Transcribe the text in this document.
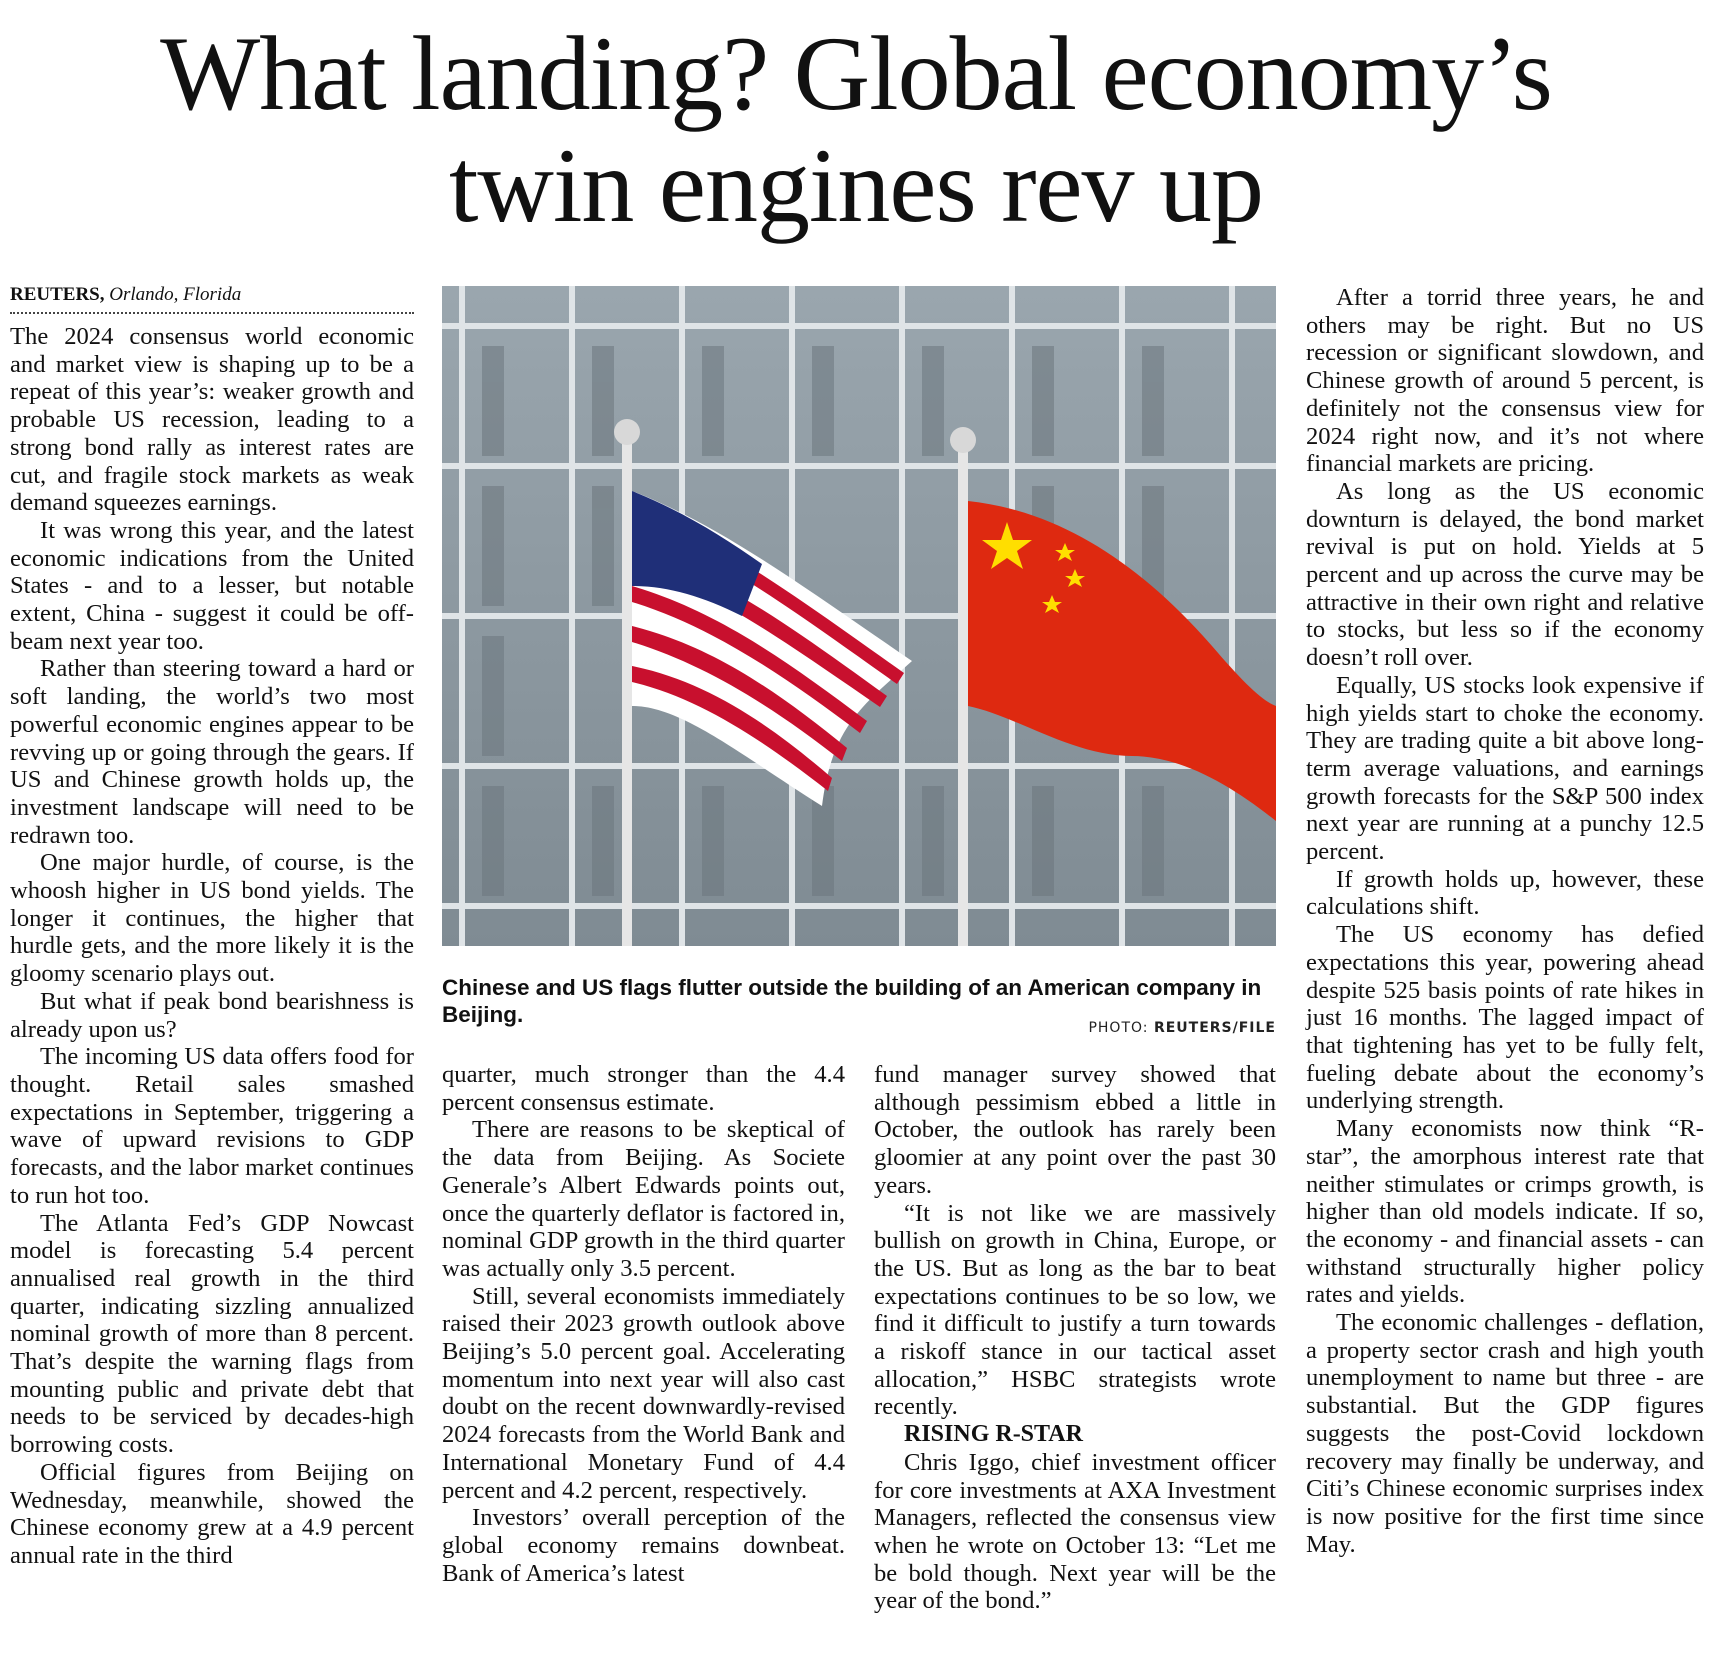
What landing? Global economy’s
twin engines rev up
REUTERS, Orlando, Florida

The 2024 consensus world economic and market view is shaping up to be a repeat of this year’s: weaker growth and probable US recession, leading to a strong bond rally as interest rates are cut, and fragile stock markets as weak demand squeezes earnings.

It was wrong this year, and the latest economic indications from the United States - and to a lesser, but notable extent, China - suggest it could be off-beam next year too.

Rather than steering toward a hard or soft landing, the world’s two most powerful economic engines appear to be revving up or going through the gears. If US and Chinese growth holds up, the investment landscape will need to be redrawn too.

One major hurdle, of course, is the whoosh higher in US bond yields. The longer it continues, the higher that hurdle gets, and the more likely it is the gloomy scenario plays out.

But what if peak bond bearishness is already upon us?

The incoming US data offers food for thought. Retail sales smashed expectations in September, triggering a wave of upward revisions to GDP forecasts, and the labor market continues to run hot too.

The Atlanta Fed’s GDP Nowcast model is forecasting 5.4 percent annualised real growth in the third quarter, indicating sizzling annualized nominal growth of more than 8 percent. That’s despite the warning flags from mounting public and private debt that needs to be serviced by decades-high borrowing costs.

Official figures from Beijing on Wednesday, meanwhile, showed the Chinese economy grew at a 4.9 percent annual rate in the third

Chinese and US flags flutter outside the building of an American company in Beijing.
PHOTO: REUTERS/FILE

quarter, much stronger than the 4.4 percent consensus estimate.

There are reasons to be skeptical of the data from Beijing. As Societe Generale’s Albert Edwards points out, once the quarterly deflator is factored in, nominal GDP growth in the third quarter was actually only 3.5 percent.

Still, several economists immediately raised their 2023 growth outlook above Beijing’s 5.0 percent goal. Accelerating momentum into next year will also cast doubt on the recent downwardly-revised 2024 forecasts from the World Bank and International Monetary Fund of 4.4 percent and 4.2 percent, respectively.

Investors’ overall perception of the global economy remains downbeat. Bank of America’s latest

fund manager survey showed that although pessimism ebbed a little in October, the outlook has rarely been gloomier at any point over the past 30 years.

“It is not like we are massively bullish on growth in China, Europe, or the US. But as long as the bar to beat expectations continues to be so low, we find it difficult to justify a turn towards a riskoff stance in our tactical asset allocation,” HSBC strategists wrote recently.

RISING R-STAR

Chris Iggo, chief investment officer for core investments at AXA Investment Managers, reflected the consensus view when he wrote on October 13: “Let me be bold though. Next year will be the year of the bond.”

After a torrid three years, he and others may be right. But no US recession or significant slowdown, and Chinese growth of around 5 percent, is definitely not the consensus view for 2024 right now, and it’s not where financial markets are pricing.

As long as the US economic downturn is delayed, the bond market revival is put on hold. Yields at 5 percent and up across the curve may be attractive in their own right and relative to stocks, but less so if the economy doesn’t roll over.

Equally, US stocks look expensive if high yields start to choke the economy. They are trading quite a bit above long-term average valuations, and earnings growth forecasts for the S&P 500 index next year are running at a punchy 12.5 percent.

If growth holds up, however, these calculations shift.

The US economy has defied expectations this year, powering ahead despite 525 basis points of rate hikes in just 16 months. The lagged impact of that tightening has yet to be fully felt, fueling debate about the economy’s underlying strength.

Many economists now think “R-star”, the amorphous interest rate that neither stimulates or crimps growth, is higher than old models indicate. If so, the economy - and financial assets - can withstand structurally higher policy rates and yields.

The economic challenges - deflation, a property sector crash and high youth unemployment to name but three - are substantial. But the GDP figures suggests the post-Covid lockdown recovery may finally be underway, and Citi’s Chinese economic surprises index is now positive for the first time since May.
